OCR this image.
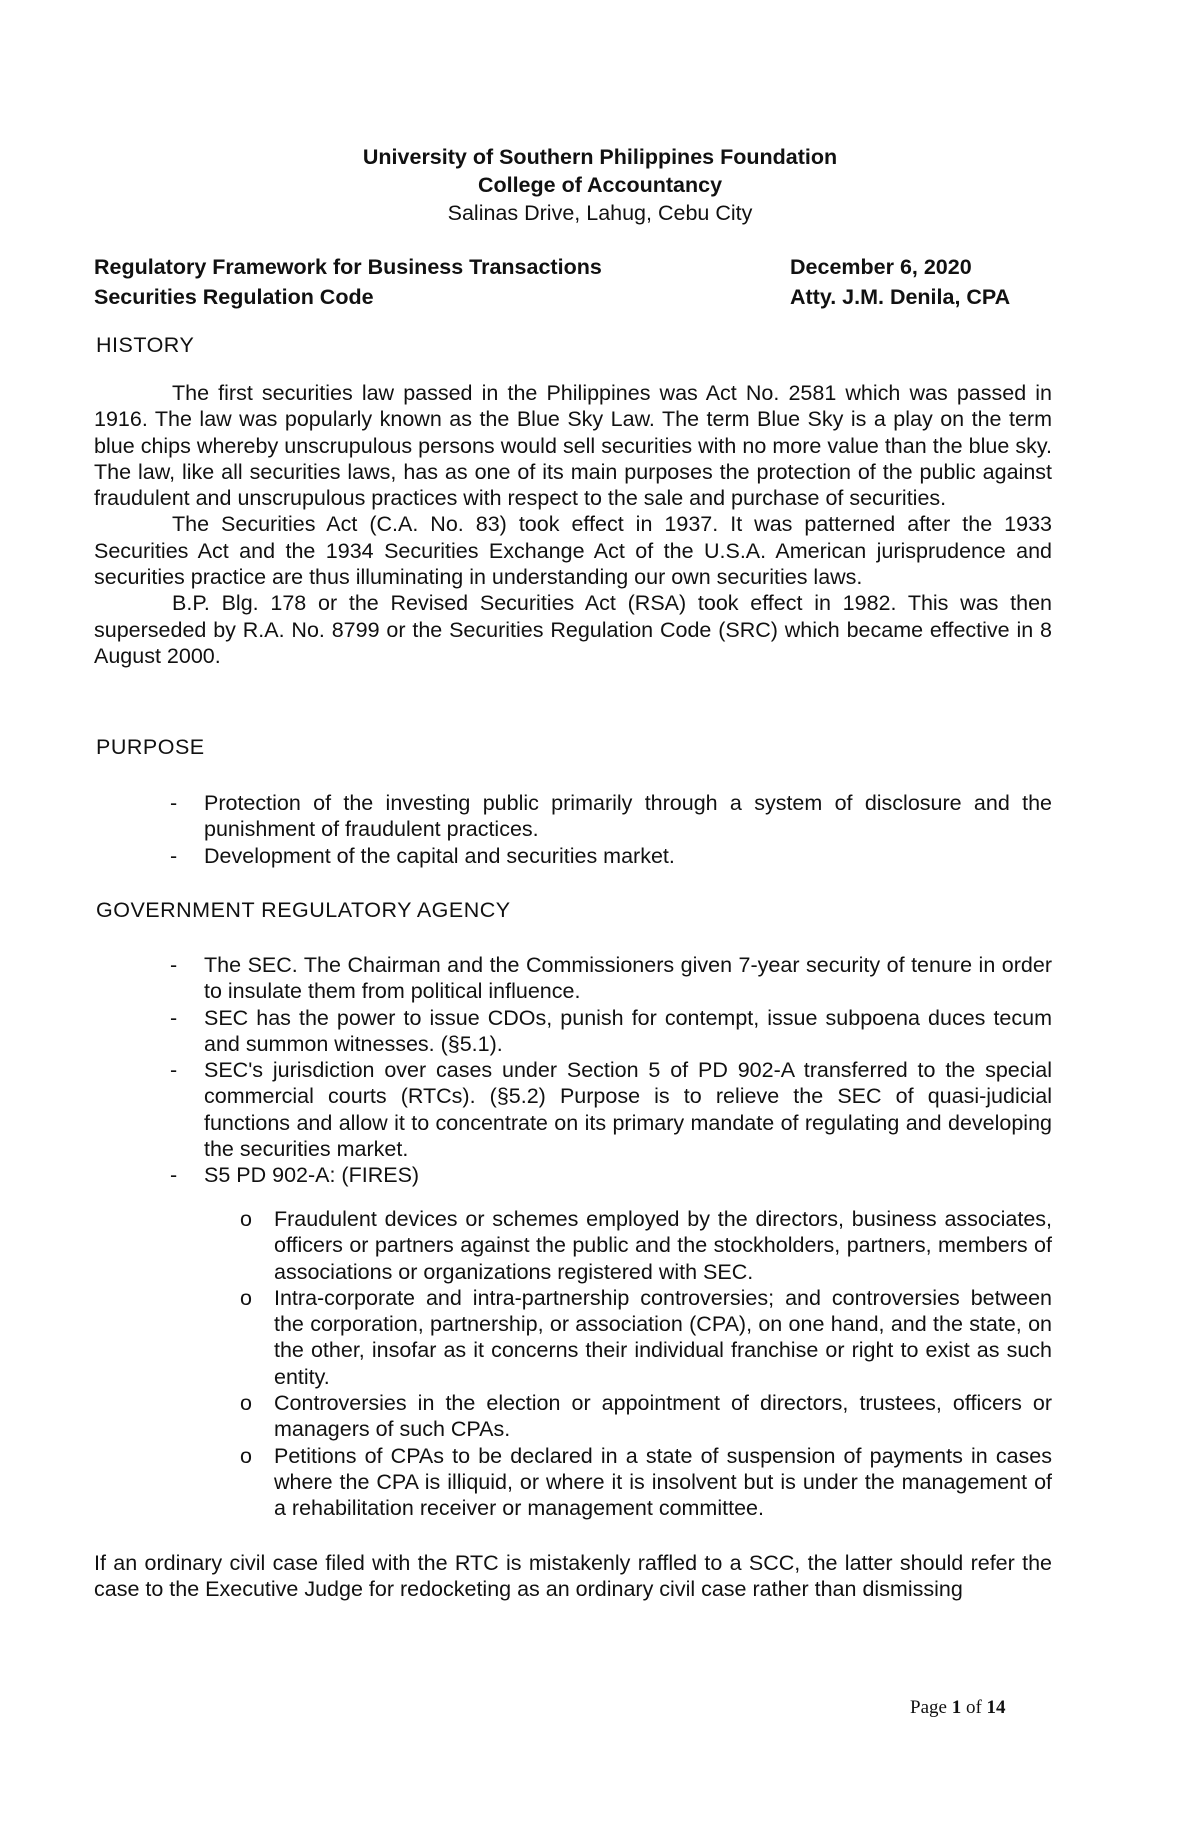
University of Southern Philippines Foundation
College of Accountancy
Salinas Drive, Lahug, Cebu City
Regulatory Framework for Business Transactions	December 6, 2020
Securities Regulation Code	Atty. J.M. Denila, CPA
HISTORY

The first securities law passed in the Philippines was Act No. 2581 which was passed in 1916. The law was popularly known as the Blue Sky Law. The term Blue Sky is a play on the term blue chips whereby unscrupulous persons would sell securities with no more value than the blue sky. The law, like all securities laws, has as one of its main purposes the protection of the public against fraudulent and unscrupulous practices with respect to the sale and purchase of securities.

The Securities Act (C.A. No. 83) took effect in 1937. It was patterned after the 1933 Securities Act and the 1934 Securities Exchange Act of the U.S.A. American jurisprudence and securities practice are thus illuminating in understanding our own securities laws.

B.P. Blg. 178 or the Revised Securities Act (RSA) took effect in 1982. This was then superseded by R.A. No. 8799 or the Securities Regulation Code (SRC) which became effective in 8 August 2000.

PURPOSE
- Protection of the investing public primarily through a system of disclosure and the punishment of fraudulent practices.
- Development of the capital and securities market.
GOVERNMENT REGULATORY AGENCY
- The SEC. The Chairman and the Commissioners given 7-year security of tenure in order to insulate them from political influence.
- SEC has the power to issue CDOs, punish for contempt, issue subpoena duces tecum and summon witnesses. (§5.1).
- SEC's jurisdiction over cases under Section 5 of PD 902-A transferred to the special commercial courts (RTCs). (§5.2) Purpose is to relieve the SEC of quasi-judicial functions and allow it to concentrate on its primary mandate of regulating and developing the securities market.
- S5 PD 902-A: (FIRES)
o Fraudulent devices or schemes employed by the directors, business associates, officers or partners against the public and the stockholders, partners, members of associations or organizations registered with SEC.
o Intra-corporate and intra-partnership controversies; and controversies between the corporation, partnership, or association (CPA), on one hand, and the state, on the other, insofar as it concerns their individual franchise or right to exist as such entity.
o Controversies in the election or appointment of directors, trustees, officers or managers of such CPAs.
o Petitions of CPAs to be declared in a state of suspension of payments in cases where the CPA is illiquid, or where it is insolvent but is under the management of a rehabilitation receiver or management committee.
If an ordinary civil case filed with the RTC is mistakenly raffled to a SCC, the latter should refer the case to the Executive Judge for redocketing as an ordinary civil case rather than dismissing
Page 1 of 14
